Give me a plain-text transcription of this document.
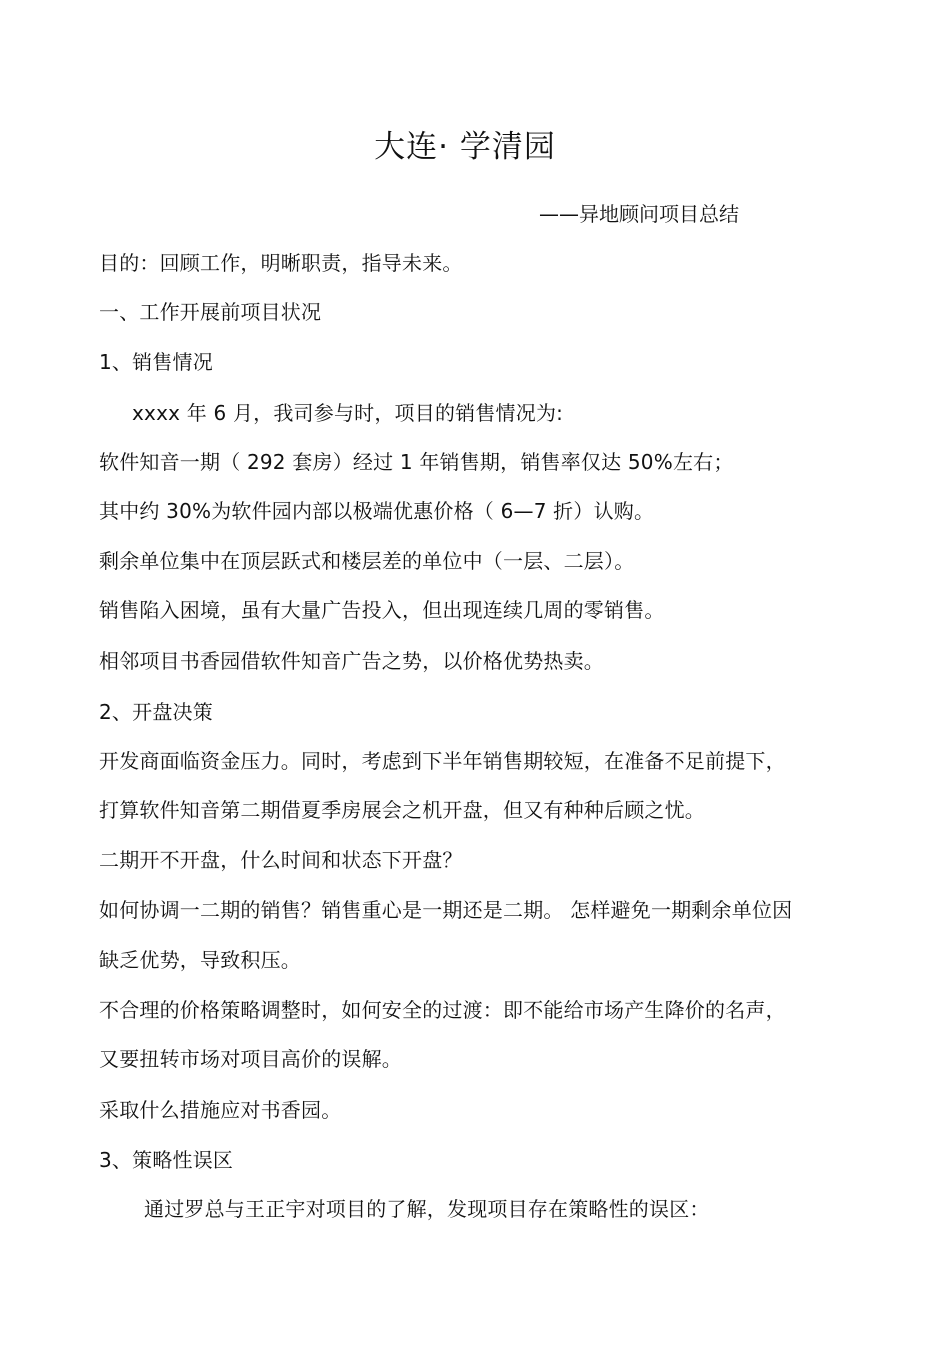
大连· 学清园
——异地顾问项目总结
目的：回顾工作，明晰职责，指导未来。
一、工作开展前项目状况
1、销售情况
xxxx 年 6 月，我司参与时，项目的销售情况为:
软件知音一期（ 292 套房）经过 1 年销售期，销售率仅达 50%左右；
其中约 30%为软件园内部以极端优惠价格（ 6—7 折）认购。
剩余单位集中在顶层跃式和楼层差的单位中（一层、二层）。
销售陷入困境，虽有大量广告投入，但出现连续几周的零销售。
相邻项目书香园借软件知音广告之势，以价格优势热卖。
2、开盘决策
开发商面临资金压力。同时，考虑到下半年销售期较短，在准备不足前提下，
打算软件知音第二期借夏季房展会之机开盘，但又有种种后顾之忧。
二期开不开盘，什么时间和状态下开盘？
如何协调一二期的销售？销售重心是一期还是二期。 怎样避免一期剩余单位因
缺乏优势，导致积压。
不合理的价格策略调整时，如何安全的过渡：即不能给市场产生降价的名声，
又要扭转市场对项目高价的误解。
采取什么措施应对书香园。
3、策略性误区
通过罗总与王正宇对项目的了解，发现项目存在策略性的误区：
